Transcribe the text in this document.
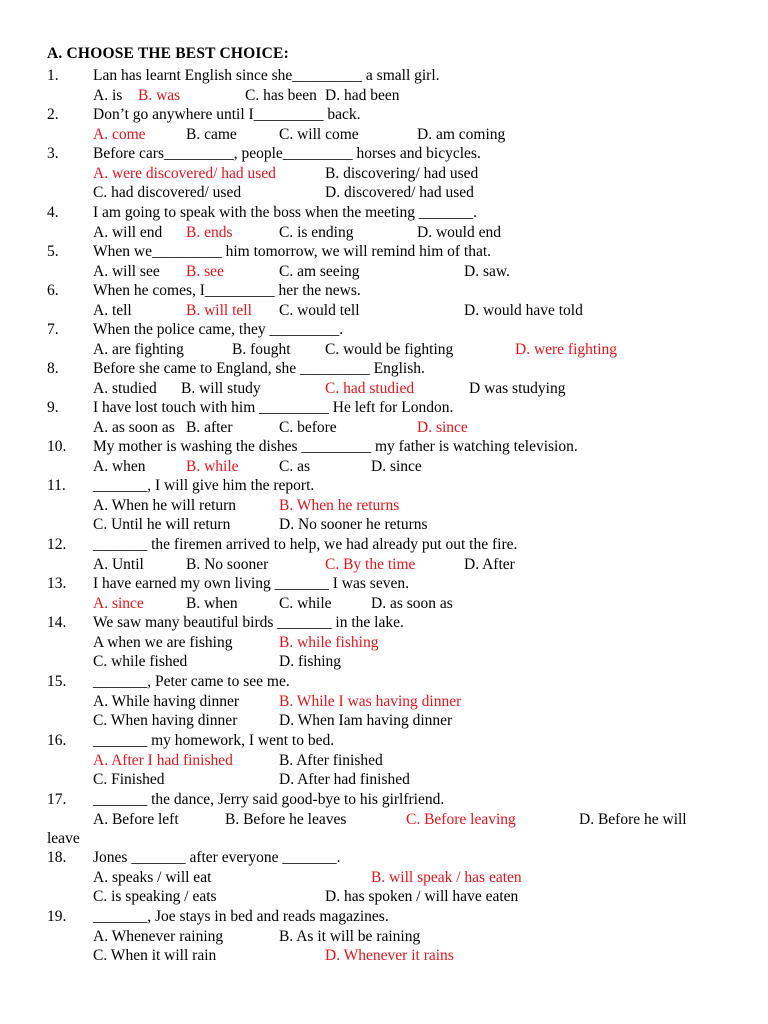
A. CHOOSE THE BEST CHOICE:
1. Lan has learnt English since she_________ a small girl.
A. is B. was	C. has been D. had been
2. Don’t go anywhere until I_________ back.
A. come	B. came	C. will come	D. am coming
3. Before cars_________, people_________ horses and bicycles.
A. were discovered/ had used	B. discovering/ had used
C. had discovered/ used	D. discovered/ had used
4. I am going to speak with the boss when the meeting _______.
A. will end B. ends	C. is ending	D. would end
5. When we_________ him tomorrow, we will remind him of that.
A. will see B. see	C. am seeing	D. saw.
6. When he comes, I_________ her the news.
A. tell	B. will tell C. would tell	D. would have told
7. When the police came, they _________.
A. are fighting	B. fought C. would be fighting	D. were fighting
8. Before she came to England, she _________ English.
A. studied B. will study	C. had studied	D was studying
9. I have lost touch with him _________ He left for London.
A. as soon as B. after	C. before	D. since
10. My mother is washing the dishes _________ my father is watching television.
A. when	B. while	C. as	D. since
11. _______, I will give him the report.
A. When he will return	B. When he returns
C. Until he will return	D. No sooner he returns
12. _______ the firemen arrived to help, we had already put out the fire.
A. Until	B. No sooner	C. By the time	D. After
13. I have earned my own living _______ I was seven.
A. since	B. when	C. while	D. as soon as
14. We saw many beautiful birds _______ in the lake.
A when we are fishing	B. while fishing
C. while fished	D. fishing
15. _______, Peter came to see me.
A. While having dinner	B. While I was having dinner
C. When having dinner	D. When Iam having dinner
16. _______ my homework, I went to bed.
A. After I had finished	B. After finished
C. Finished	D. After had finished
17. _______ the dance, Jerry said good-bye to his girlfriend.
A. Before left	B. Before he leaves	C. Before leaving	D. Before he will
leave
18. Jones _______ after everyone _______.
A. speaks / will eat	B. will speak / has eaten
C. is speaking / eats	D. has spoken / will have eaten
19. _______, Joe stays in bed and reads magazines.
A. Whenever raining	B. As it will be raining
C. When it will rain	D. Whenever it rains
